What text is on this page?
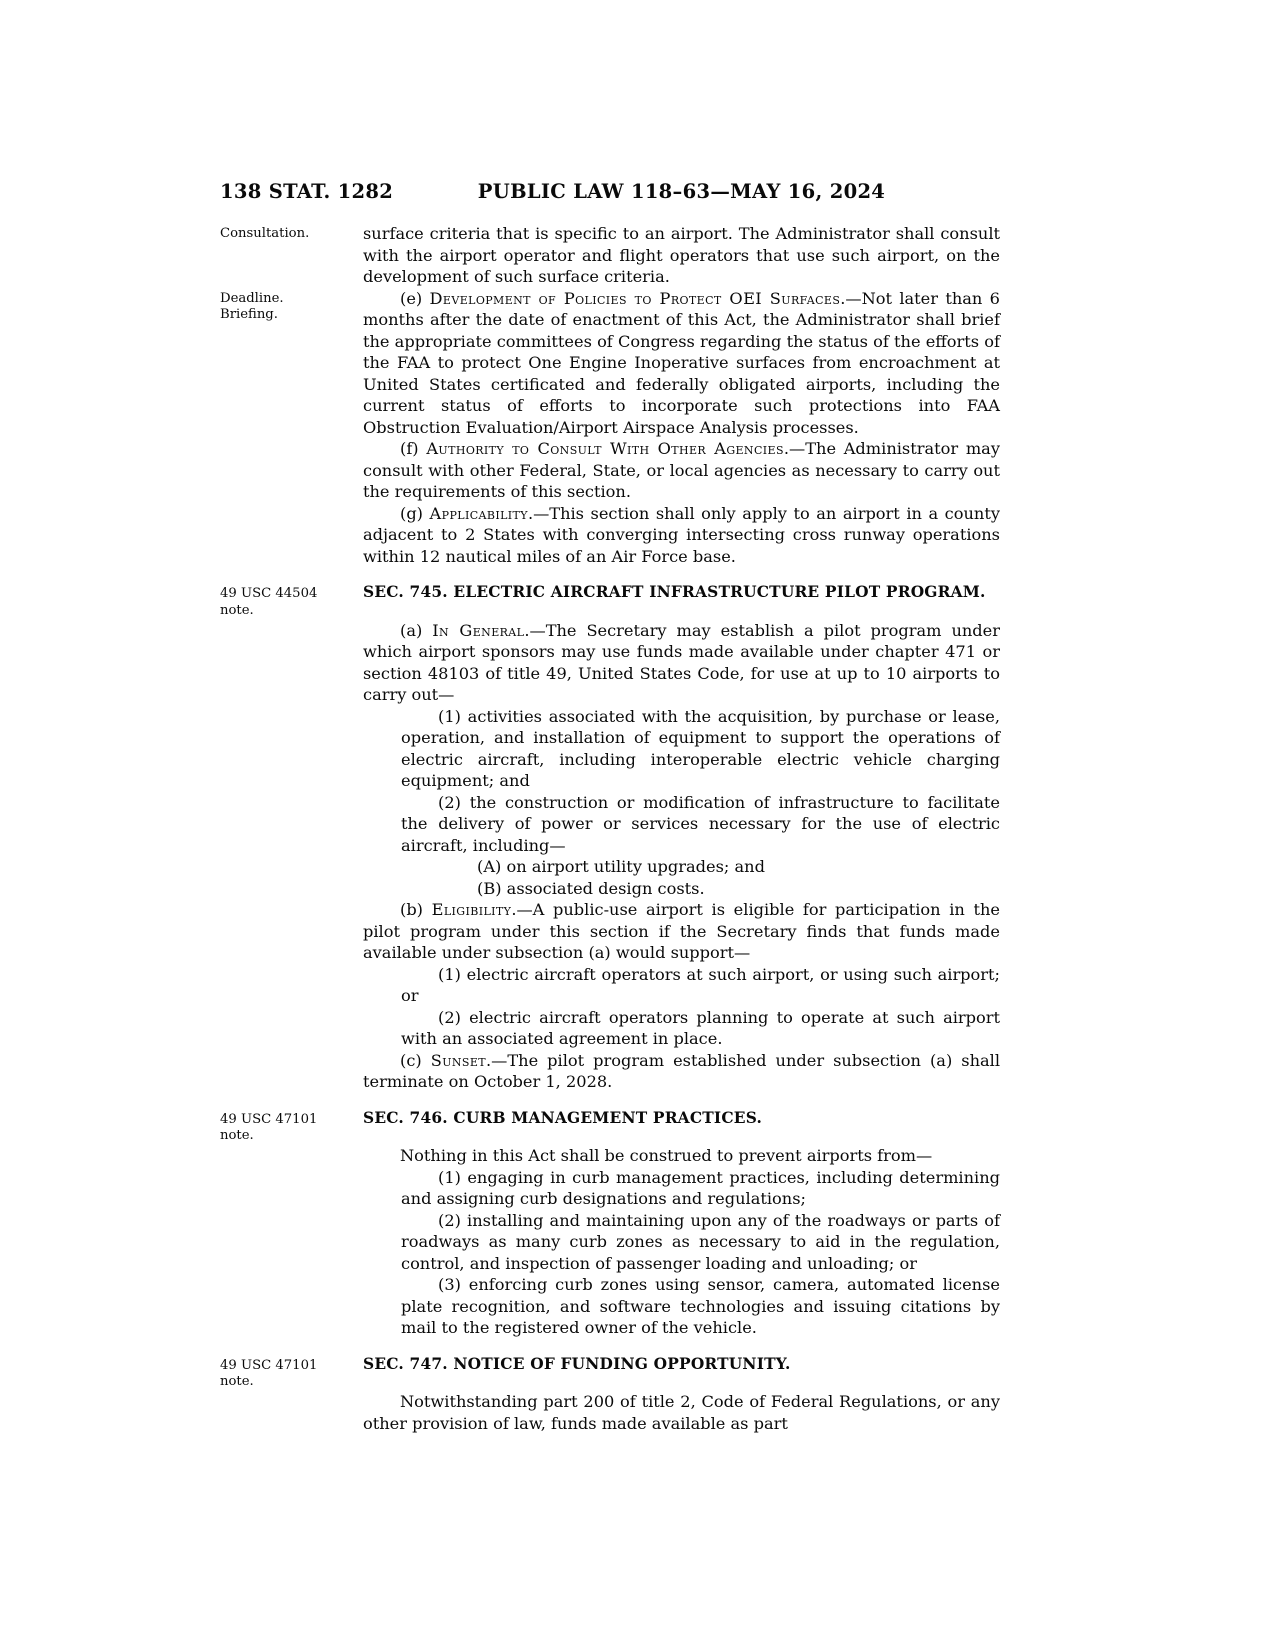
138 STAT. 1282	PUBLIC LAW 118–63—MAY 16, 2024
Consultation.	surface criteria that is specific to an airport. The Administrator shall consult with the airport operator and flight operators that use such airport, on the development of such surface criteria.
Deadline.
Briefing.
(e) Development of Policies to Protect OEI Surfaces.—Not later than 6 months after the date of enactment of this Act, the Administrator shall brief the appropriate committees of Congress regarding the status of the efforts of the FAA to protect One Engine Inoperative surfaces from encroachment at United States certificated and federally obligated airports, including the current status of efforts to incorporate such protections into FAA Obstruction Evaluation/Airport Airspace Analysis processes.
(f) Authority to Consult With Other Agencies.—The Administrator may consult with other Federal, State, or local agencies as necessary to carry out the requirements of this section.
(g) Applicability.—This section shall only apply to an airport in a county adjacent to 2 States with converging intersecting cross runway operations within 12 nautical miles of an Air Force base.
49 USC 44504
note.
SEC. 745. ELECTRIC AIRCRAFT INFRASTRUCTURE PILOT PROGRAM.
(a) In General.—The Secretary may establish a pilot program under which airport sponsors may use funds made available under chapter 471 or section 48103 of title 49, United States Code, for use at up to 10 airports to carry out—
(1) activities associated with the acquisition, by purchase or lease, operation, and installation of equipment to support the operations of electric aircraft, including interoperable electric vehicle charging equipment; and
(2) the construction or modification of infrastructure to facilitate the delivery of power or services necessary for the use of electric aircraft, including—
(A) on airport utility upgrades; and
(B) associated design costs.
(b) Eligibility.—A public-use airport is eligible for participation in the pilot program under this section if the Secretary finds that funds made available under subsection (a) would support—
(1) electric aircraft operators at such airport, or using such airport; or
(2) electric aircraft operators planning to operate at such airport with an associated agreement in place.
(c) Sunset.—The pilot program established under subsection (a) shall terminate on October 1, 2028.
49 USC 47101
note.
SEC. 746. CURB MANAGEMENT PRACTICES.
Nothing in this Act shall be construed to prevent airports from—
(1) engaging in curb management practices, including determining and assigning curb designations and regulations;
(2) installing and maintaining upon any of the roadways or parts of roadways as many curb zones as necessary to aid in the regulation, control, and inspection of passenger loading and unloading; or
(3) enforcing curb zones using sensor, camera, automated license plate recognition, and software technologies and issuing citations by mail to the registered owner of the vehicle.
49 USC 47101
note.
SEC. 747. NOTICE OF FUNDING OPPORTUNITY.
Notwithstanding part 200 of title 2, Code of Federal Regulations, or any other provision of law, funds made available as part
